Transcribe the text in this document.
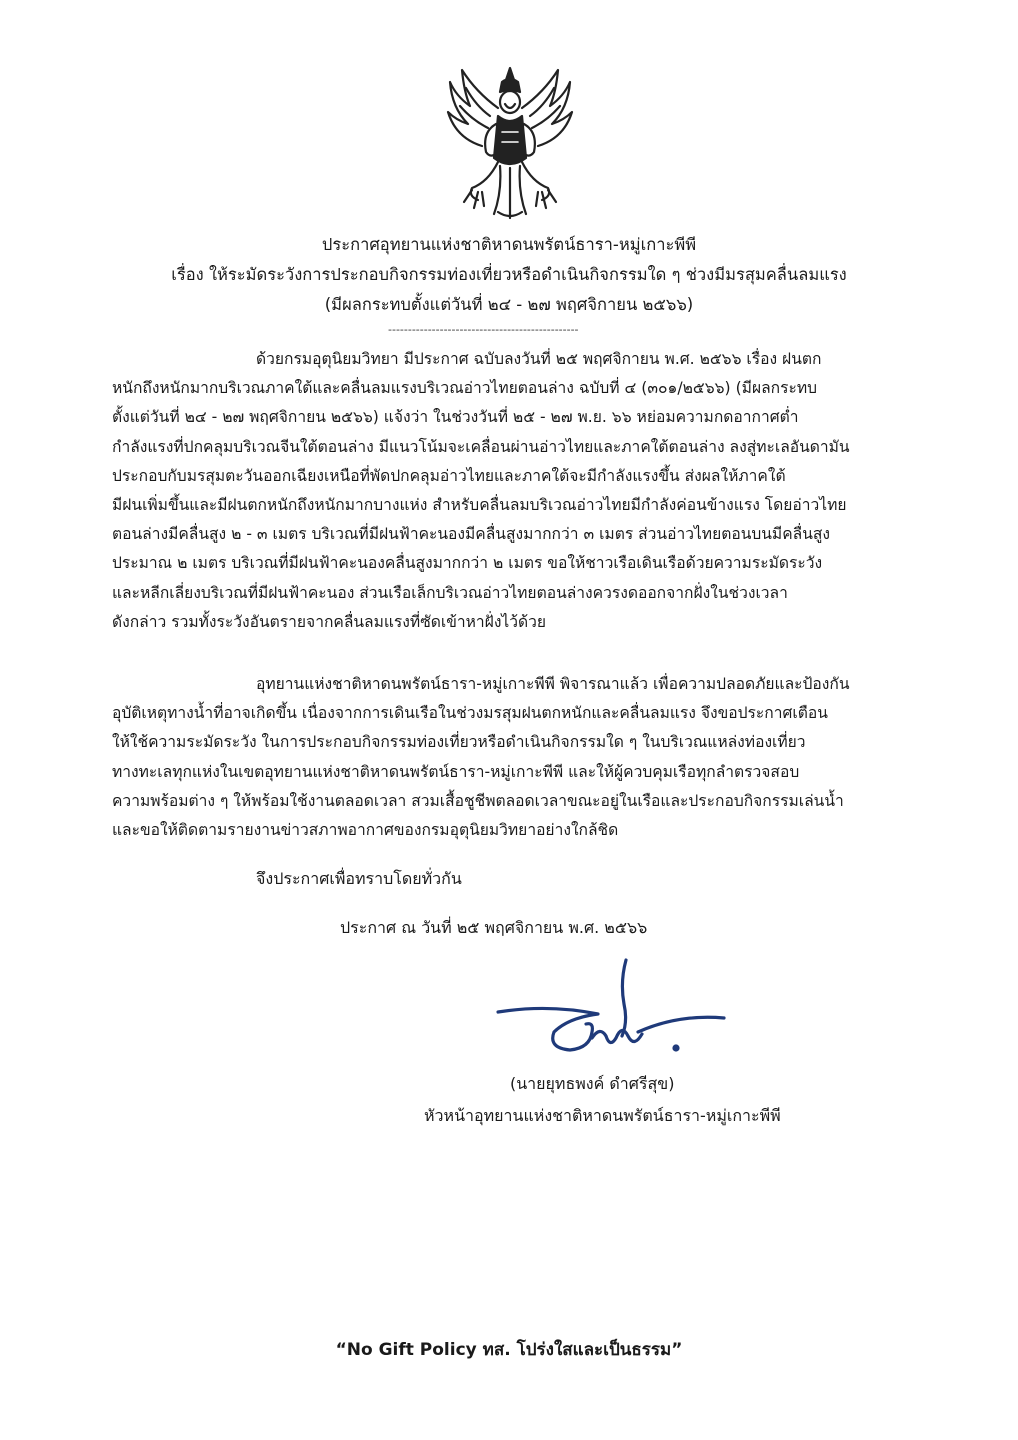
ประกาศอุทยานแห่งชาติหาดนพรัตน์ธารา-หมู่เกาะพีพี
เรื่อง ให้ระมัดระวังการประกอบกิจกรรมท่องเที่ยวหรือดำเนินกิจกรรมใด ๆ ช่วงมีมรสุมคลื่นลมแรง
(มีผลกระทบตั้งแต่วันที่ ๒๔ - ๒๗ พฤศจิกายน ๒๕๖๖)
------------------------------------------------
ด้วยกรมอุตุนิยมวิทยา มีประกาศ ฉบับลงวันที่ ๒๕ พฤศจิกายน พ.ศ. ๒๕๖๖ เรื่อง ฝนตก
หนักถึงหนักมากบริเวณภาคใต้และคลื่นลมแรงบริเวณอ่าวไทยตอนล่าง ฉบับที่ ๔ (๓๐๑/๒๕๖๖) (มีผลกระทบ
ตั้งแต่วันที่ ๒๔ - ๒๗ พฤศจิกายน ๒๕๖๖) แจ้งว่า ในช่วงวันที่ ๒๕ - ๒๗ พ.ย. ๖๖ หย่อมความกดอากาศต่ำ
กำลังแรงที่ปกคลุมบริเวณจีนใต้ตอนล่าง มีแนวโน้มจะเคลื่อนผ่านอ่าวไทยและภาคใต้ตอนล่าง ลงสู่ทะเลอันดามัน
ประกอบกับมรสุมตะวันออกเฉียงเหนือที่พัดปกคลุมอ่าวไทยและภาคใต้จะมีกำลังแรงขึ้น ส่งผลให้ภาคใต้
มีฝนเพิ่มขึ้นและมีฝนตกหนักถึงหนักมากบางแห่ง สำหรับคลื่นลมบริเวณอ่าวไทยมีกำลังค่อนข้างแรง โดยอ่าวไทย
ตอนล่างมีคลื่นสูง ๒ - ๓ เมตร บริเวณที่มีฝนฟ้าคะนองมีคลื่นสูงมากกว่า ๓ เมตร ส่วนอ่าวไทยตอนบนมีคลื่นสูง
ประมาณ ๒ เมตร บริเวณที่มีฝนฟ้าคะนองคลื่นสูงมากกว่า ๒ เมตร ขอให้ชาวเรือเดินเรือด้วยความระมัดระวัง
และหลีกเลี่ยงบริเวณที่มีฝนฟ้าคะนอง ส่วนเรือเล็กบริเวณอ่าวไทยตอนล่างควรงดออกจากฝั่งในช่วงเวลา
ดังกล่าว รวมทั้งระวังอันตรายจากคลื่นลมแรงที่ซัดเข้าหาฝั่งไว้ด้วย
อุทยานแห่งชาติหาดนพรัตน์ธารา-หมู่เกาะพีพี พิจารณาแล้ว เพื่อความปลอดภัยและป้องกัน
อุบัติเหตุทางน้ำที่อาจเกิดขึ้น เนื่องจากการเดินเรือในช่วงมรสุมฝนตกหนักและคลื่นลมแรง จึงขอประกาศเตือน
ให้ใช้ความระมัดระวัง ในการประกอบกิจกรรมท่องเที่ยวหรือดำเนินกิจกรรมใด ๆ ในบริเวณแหล่งท่องเที่ยว
ทางทะเลทุกแห่งในเขตอุทยานแห่งชาติหาดนพรัตน์ธารา-หมู่เกาะพีพี และให้ผู้ควบคุมเรือทุกลำตรวจสอบ
ความพร้อมต่าง ๆ ให้พร้อมใช้งานตลอดเวลา สวมเสื้อชูชีพตลอดเวลาขณะอยู่ในเรือและประกอบกิจกรรมเล่นน้ำ
และขอให้ติดตามรายงานข่าวสภาพอากาศของกรมอุตุนิยมวิทยาอย่างใกล้ชิด
จึงประกาศเพื่อทราบโดยทั่วกัน
ประกาศ ณ วันที่ ๒๕ พฤศจิกายน พ.ศ. ๒๕๖๖
(นายยุทธพงค์ ดำศรีสุข)
หัวหน้าอุทยานแห่งชาติหาดนพรัตน์ธารา-หมู่เกาะพีพี
“No Gift Policy ทส. โปร่งใสและเป็นธรรม”
